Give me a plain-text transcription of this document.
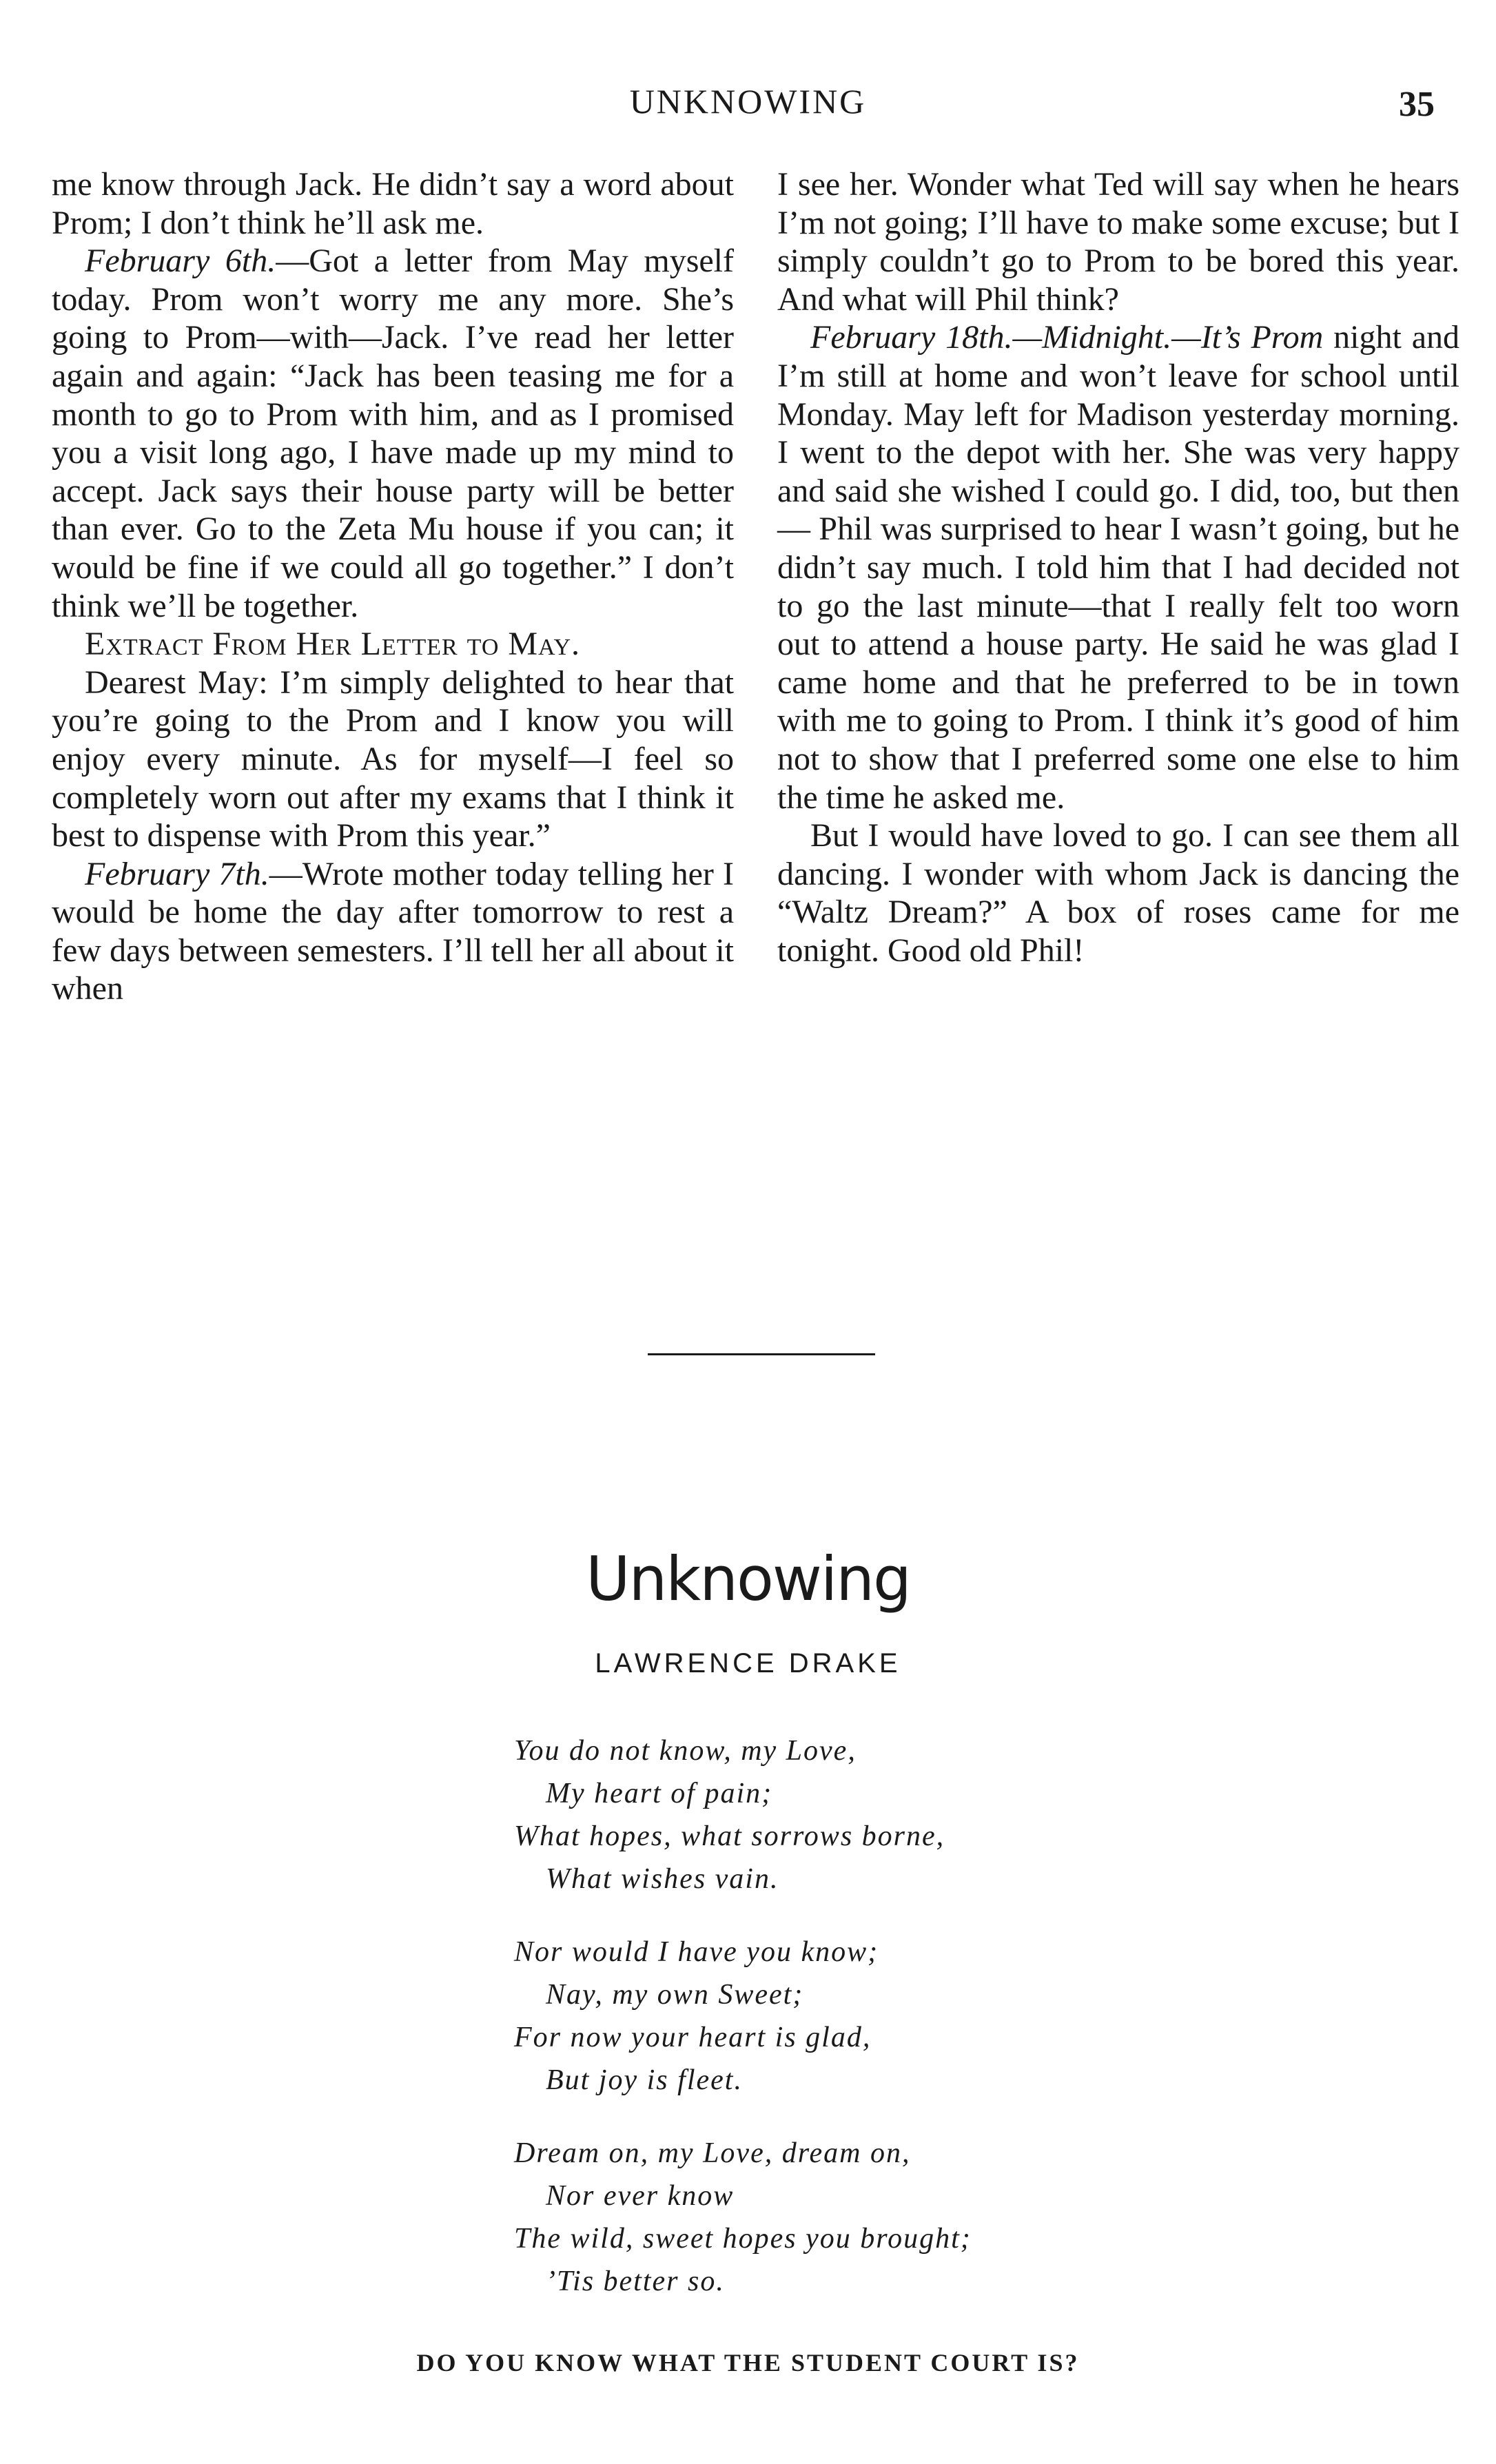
UNKNOWING	35

me know through Jack. He didn’t say a word about Prom; I don’t think he’ll ask me.

February 6th.—Got a letter from May myself today. Prom won’t worry me any more. She’s going to Prom—with—Jack. I’ve read her letter again and again: “Jack has been teasing me for a month to go to Prom with him, and as I promised you a visit long ago, I have made up my mind to accept. Jack says their house party will be better than ever. Go to the Zeta Mu house if you can; it would be fine if we could all go together.” I don’t think we’ll be together.

Extract From Her Letter to May.

Dearest May: I’m simply delighted to hear that you’re going to the Prom and I know you will enjoy every minute. As for myself—I feel so completely worn out after my exams that I think it best to dispense with Prom this year.”

February 7th.—Wrote mother today telling her I would be home the day after tomorrow to rest a few days between semesters. I’ll tell her all about it when

I see her. Wonder what Ted will say when he hears I’m not going; I’ll have to make some excuse; but I simply couldn’t go to Prom to be bored this year. And what will Phil think?

February 18th.—Midnight.—It’s Prom night and I’m still at home and won’t leave for school until Monday. May left for Madison yesterday morning. I went to the depot with her. She was very happy and said she wished I could go. I did, too, but then— Phil was surprised to hear I wasn’t going, but he didn’t say much. I told him that I had decided not to go the last minute—that I really felt too worn out to attend a house party. He said he was glad I came home and that he preferred to be in town with me to going to Prom. I think it’s good of him not to show that I preferred some one else to him the time he asked me.

But I would have loved to go. I can see them all dancing. I wonder with whom Jack is dancing the “Waltz Dream?” A box of roses came for me tonight. Good old Phil!

Unknowing
LAWRENCE DRAKE
You do not know, my Love,
My heart of pain;
What hopes, what sorrows borne,
What wishes vain.
Nor would I have you know;
Nay, my own Sweet;
For now your heart is glad,
But joy is fleet.
Dream on, my Love, dream on,
Nor ever know
The wild, sweet hopes you brought;
’Tis better so.
DO YOU KNOW WHAT THE STUDENT COURT IS?
